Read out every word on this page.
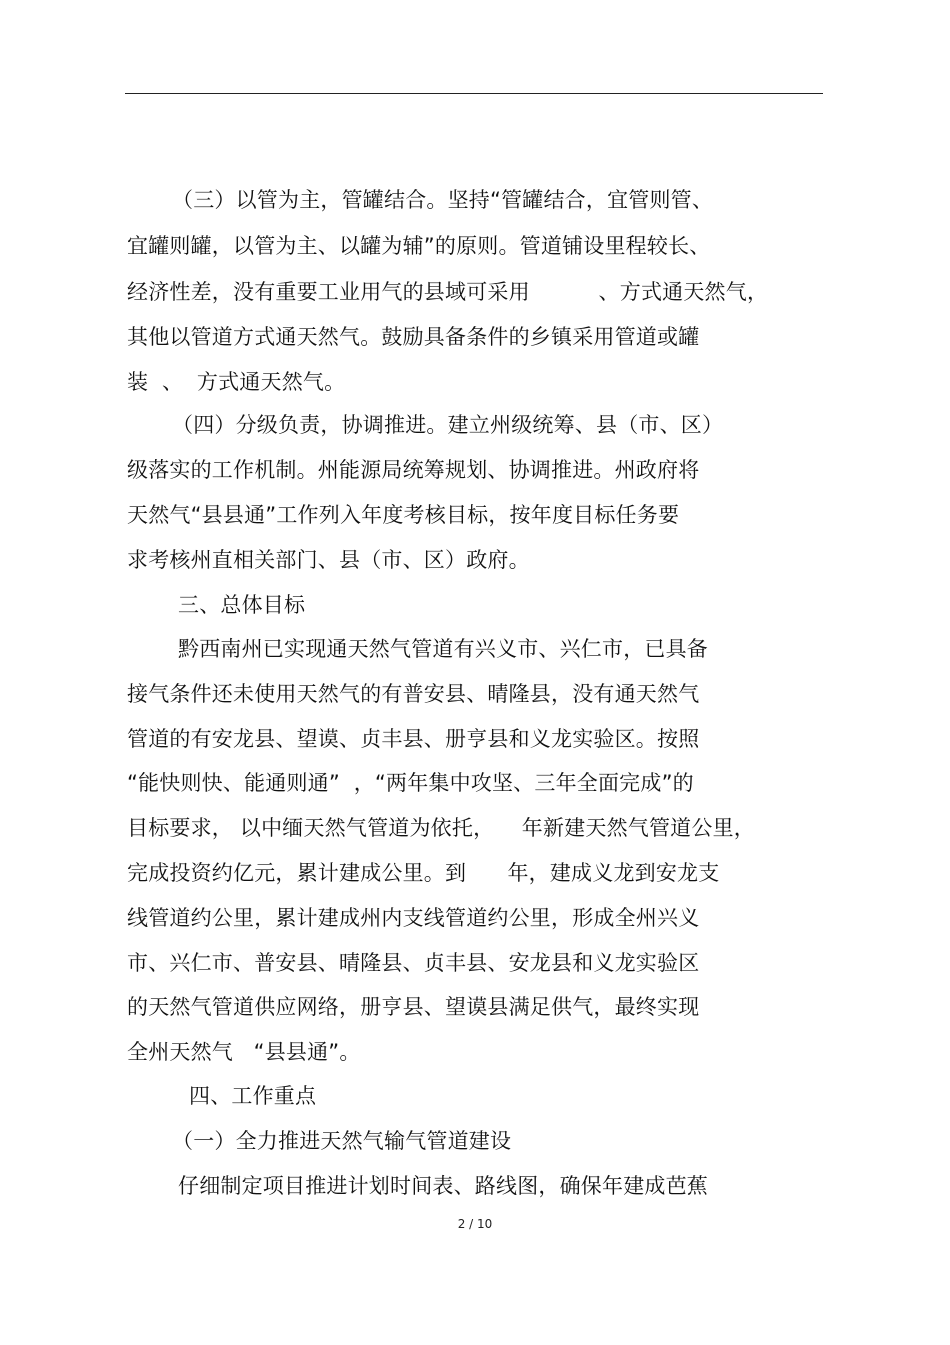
（三）以管为主，管罐结合。坚持“管罐结合，宜管则管、
宜罐则罐，以管为主、以罐为辅”的原则。管道铺设里程较长、
经济性差，没有重要工业用气的县域可采用          、方式通天然气，
其他以管道方式通天然气。鼓励具备条件的乡镇采用管道或罐
装  、  方式通天然气。
（四）分级负责，协调推进。建立州级统筹、县（市、区）
级落实的工作机制。州能源局统筹规划、协调推进。州政府将
天然气“县县通”工作列入年度考核目标，按年度目标任务要
求考核州直相关部门、县（市、区）政府。
三、总体目标
黔西南州已实现通天然气管道有兴义市、兴仁市，已具备
接气条件还未使用天然气的有普安县、晴隆县，没有通天然气
管道的有安龙县、望谟、贞丰县、册亨县和义龙实验区。按照
“能快则快、能通则通”  ，“两年集中攻坚、三年全面完成”的
目标要求， 以中缅天然气管道为依托，    年新建天然气管道公里，
完成投资约亿元，累计建成公里。到      年，建成义龙到安龙支
线管道约公里，累计建成州内支线管道约公里，形成全州兴义
市、兴仁市、普安县、晴隆县、贞丰县、安龙县和义龙实验区
的天然气管道供应网络，册亨县、望谟县满足供气，最终实现
全州天然气   “县县通”。
四、工作重点
（一）全力推进天然气输气管道建设
仔细制定项目推进计划时间表、路线图，确保年建成芭蕉
2 / 10
